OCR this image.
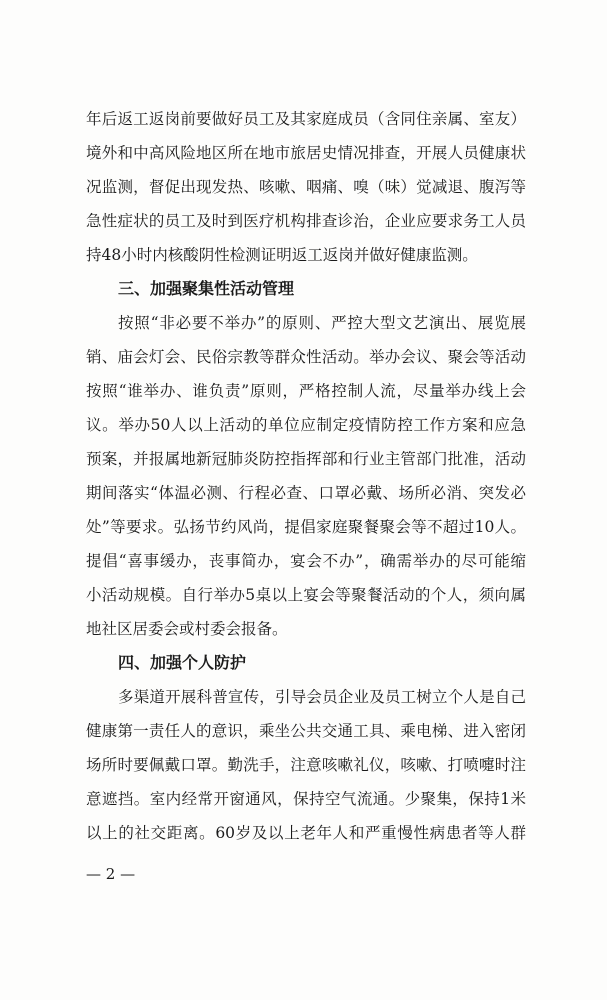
年后返工返岗前要做好员工及其家庭成员（含同住亲属、室友）
境外和中高风险地区所在地市旅居史情况排查，开展人员健康状
况监测，督促出现发热、咳嗽、咽痛、嗅（味）觉减退、腹泻等
急性症状的员工及时到医疗机构排查诊治，企业应要求务工人员
持48小时内核酸阴性检测证明返工返岗并做好健康监测。
三、加强聚集性活动管理
按照“非必要不举办”的原则、严控大型文艺演出、展览展
销、庙会灯会、民俗宗教等群众性活动。举办会议、聚会等活动
按照“谁举办、谁负责”原则，严格控制人流，尽量举办线上会
议。举办50人以上活动的单位应制定疫情防控工作方案和应急
预案，并报属地新冠肺炎防控指挥部和行业主管部门批准，活动
期间落实“体温必测、行程必查、口罩必戴、场所必消、突发必
处”等要求。弘扬节约风尚，提倡家庭聚餐聚会等不超过10人。
提倡“喜事缓办，丧事简办，宴会不办”，确需举办的尽可能缩
小活动规模。自行举办5桌以上宴会等聚餐活动的个人，须向属
地社区居委会或村委会报备。
四、加强个人防护
多渠道开展科普宣传，引导会员企业及员工树立个人是自己
健康第一责任人的意识，乘坐公共交通工具、乘电梯、进入密闭
场所时要佩戴口罩。勤洗手，注意咳嗽礼仪，咳嗽、打喷嚏时注
意遮挡。室内经常开窗通风，保持空气流通。少聚集，保持1米
以上的社交距离。60岁及以上老年人和严重慢性病患者等人群
— 2 —
